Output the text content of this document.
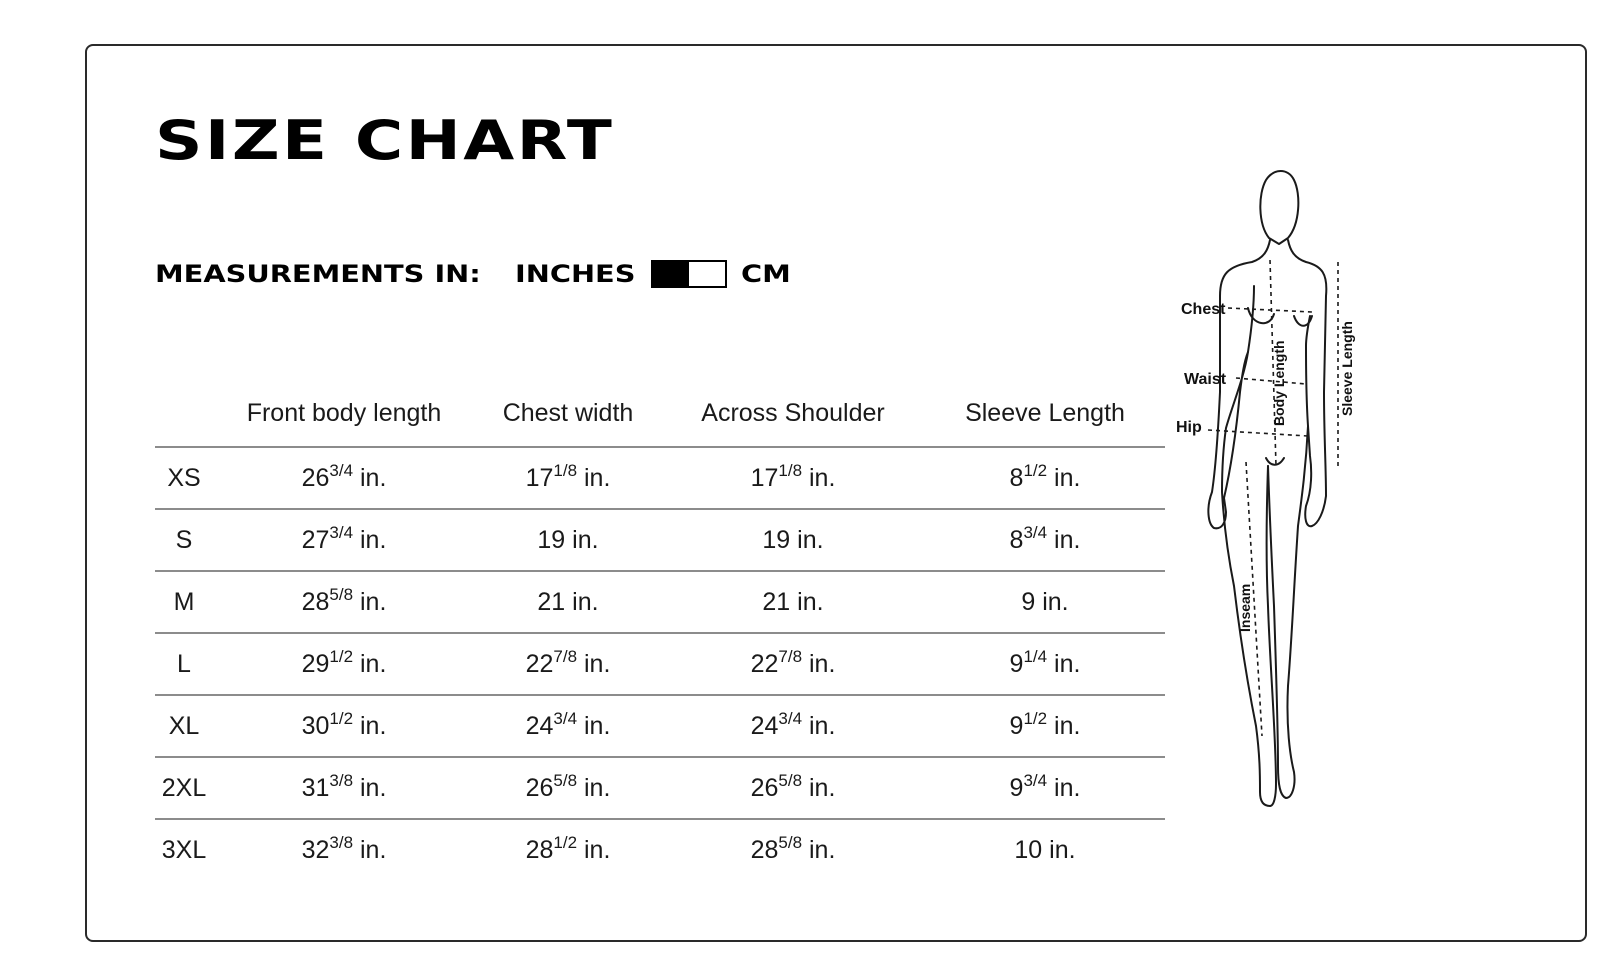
SIZE CHART
MEASUREMENTS IN: INCHES	CM
	Front body length	Chest width	Across Shoulder	Sleeve Length
XS	$26^{3/4}$ in.	$17^{1/8}$ in.	$17^{1/8}$ in.	$8^{1/2}$ in.
S	$27^{3/4}$ in.	19 in.	19 in.	$8^{3/4}$ in.
M	$28^{5/8}$ in.	21 in.	21 in.	9 in.
L	$29^{1/2}$ in.	$22^{7/8}$ in.	$22^{7/8}$ in.	$9^{1/4}$ in.
XL	$30^{1/2}$ in.	$24^{3/4}$ in.	$24^{3/4}$ in.	$9^{1/2}$ in.
2XL	$31^{3/8}$ in.	$26^{5/8}$ in.	$26^{5/8}$ in.	$9^{3/4}$ in.
3XL	$32^{3/8}$ in.	$28^{1/2}$ in.	$28^{5/8}$ in.	10 in.
Chest
Waist
Hip
Body Length	Sleeve Length
Inseam
